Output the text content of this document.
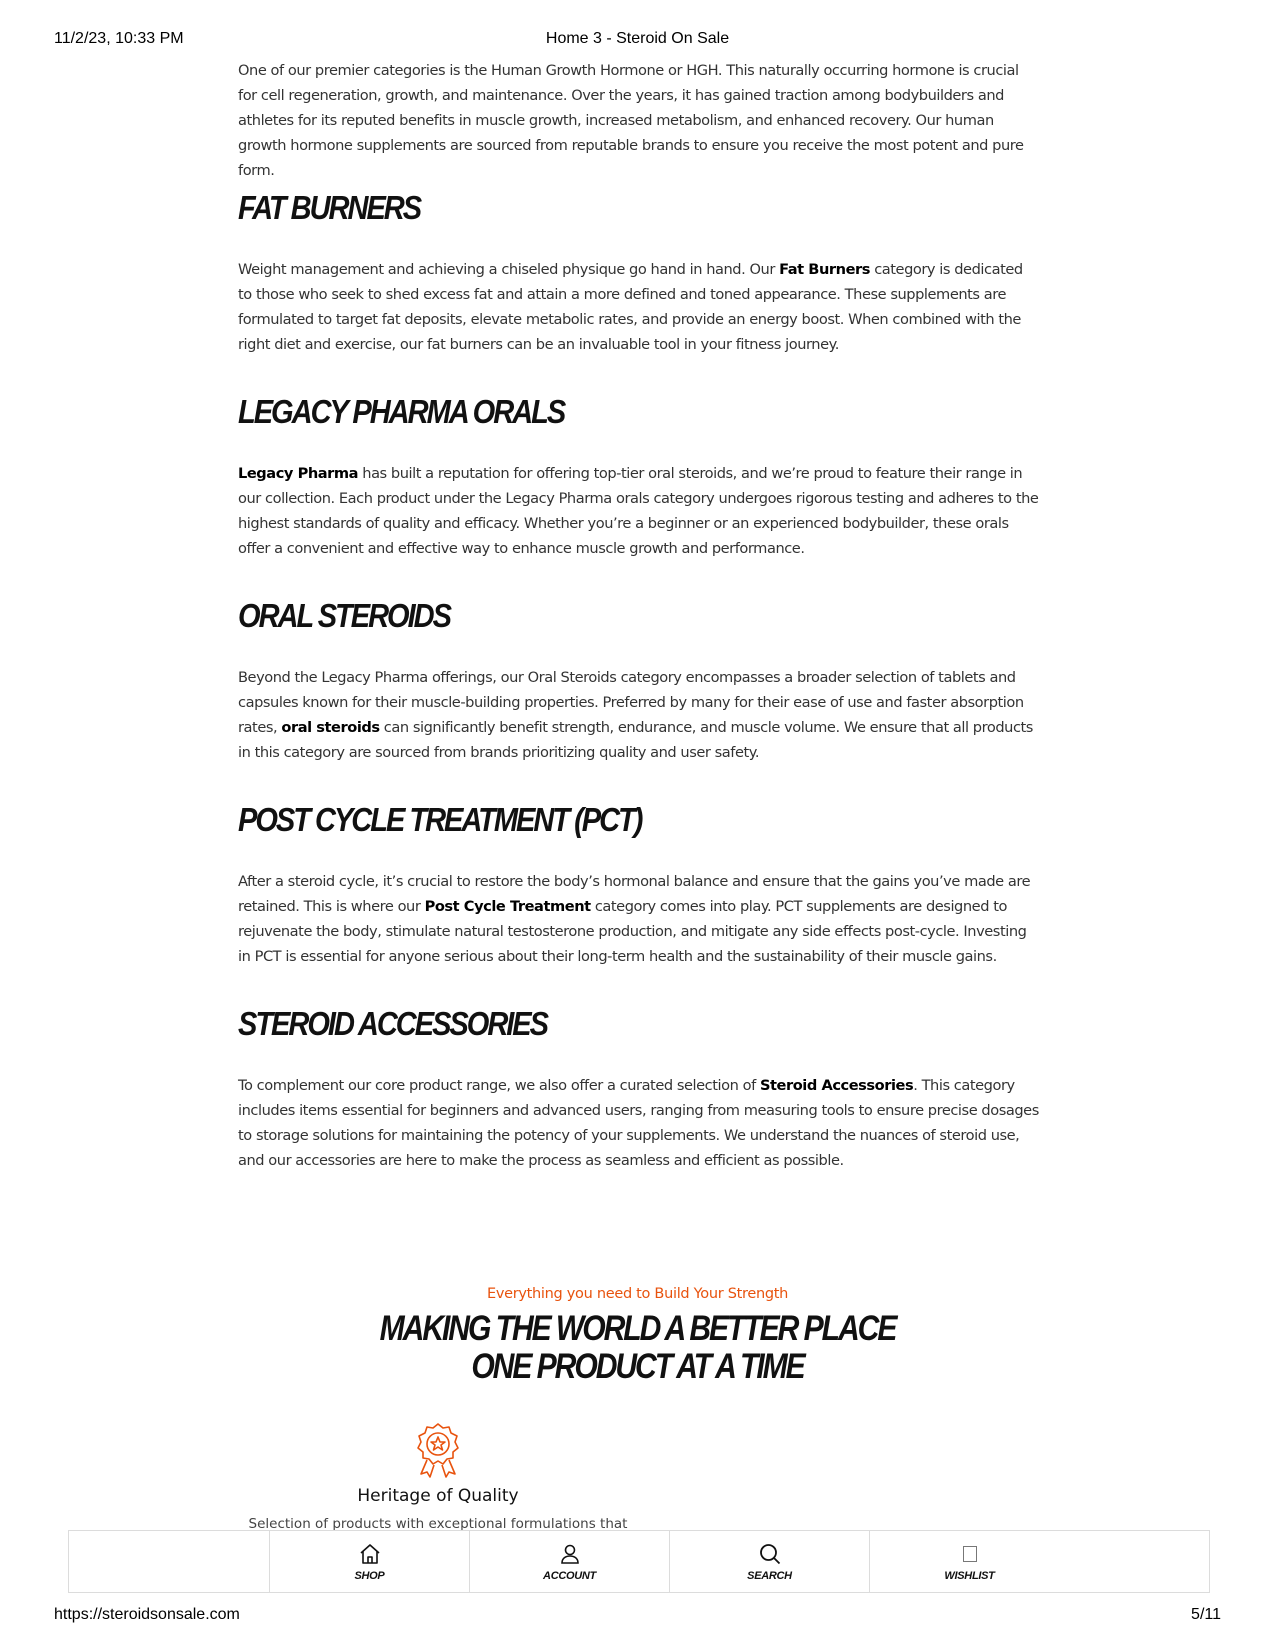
11/2/23, 10:33 PM	Home 3 - Steroid On Sale

One of our premier categories is the Human Growth Hormone or HGH. This naturally occurring hormone is crucial for cell regeneration, growth, and maintenance. Over the years, it has gained traction among bodybuilders and athletes for its reputed benefits in muscle growth, increased metabolism, and enhanced recovery. Our human growth hormone supplements are sourced from reputable brands to ensure you receive the most potent and pure form.

FAT BURNERS

Weight management and achieving a chiseled physique go hand in hand. Our Fat Burners category is dedicated to those who seek to shed excess fat and attain a more defined and toned appearance. These supplements are formulated to target fat deposits, elevate metabolic rates, and provide an energy boost. When combined with the right diet and exercise, our fat burners can be an invaluable tool in your fitness journey.

LEGACY PHARMA ORALS

Legacy Pharma has built a reputation for offering top-tier oral steroids, and we’re proud to feature their range in our collection. Each product under the Legacy Pharma orals category undergoes rigorous testing and adheres to the highest standards of quality and efficacy. Whether you’re a beginner or an experienced bodybuilder, these orals offer a convenient and effective way to enhance muscle growth and performance.

ORAL STEROIDS

Beyond the Legacy Pharma offerings, our Oral Steroids category encompasses a broader selection of tablets and capsules known for their muscle-building properties. Preferred by many for their ease of use and faster absorption rates, oral steroids can significantly benefit strength, endurance, and muscle volume. We ensure that all products in this category are sourced from brands prioritizing quality and user safety.

POST CYCLE TREATMENT (PCT)

After a steroid cycle, it’s crucial to restore the body’s hormonal balance and ensure that the gains you’ve made are retained. This is where our Post Cycle Treatment category comes into play. PCT supplements are designed to rejuvenate the body, stimulate natural testosterone production, and mitigate any side effects post-cycle. Investing in PCT is essential for anyone serious about their long-term health and the sustainability of their muscle gains.

STEROID ACCESSORIES

To complement our core product range, we also offer a curated selection of Steroid Accessories. This category includes items essential for beginners and advanced users, ranging from measuring tools to ensure precise dosages to storage solutions for maintaining the potency of your supplements. We understand the nuances of steroid use, and our accessories are here to make the process as seamless and efficient as possible.

Everything you need to Build Your Strength
MAKING THE WORLD A BETTER PLACE
ONE PRODUCT AT A TIME
Heritage of Quality
Selection of products with exceptional formulations that
SHOP	ACCOUNT	SEARCH	WISHLIST
https://steroidsonsale.com	5/11
